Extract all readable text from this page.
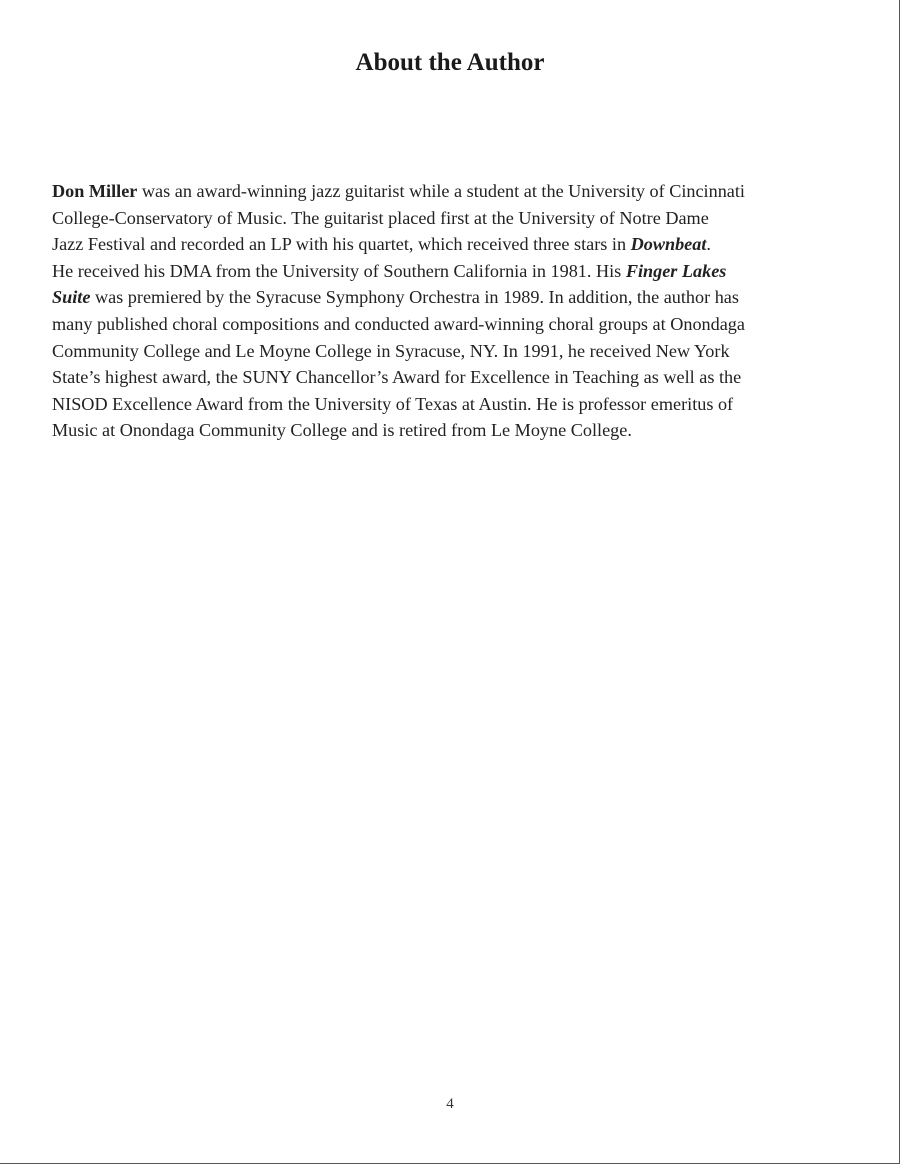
About the Author
Don Miller was an award-winning jazz guitarist while a student at the University of Cincinnati
College-Conservatory of Music. The guitarist placed first at the University of Notre Dame
Jazz Festival and recorded an LP with his quartet, which received three stars in Downbeat.
He received his DMA from the University of Southern California in 1981. His Finger Lakes
Suite was premiered by the Syracuse Symphony Orchestra in 1989. In addition, the author has
many published choral compositions and conducted award-winning choral groups at Onondaga
Community College and Le Moyne College in Syracuse, NY. In 1991, he received New York
State’s highest award, the SUNY Chancellor’s Award for Excellence in Teaching as well as the
NISOD Excellence Award from the University of Texas at Austin. He is professor emeritus of
Music at Onondaga Community College and is retired from Le Moyne College.
4
